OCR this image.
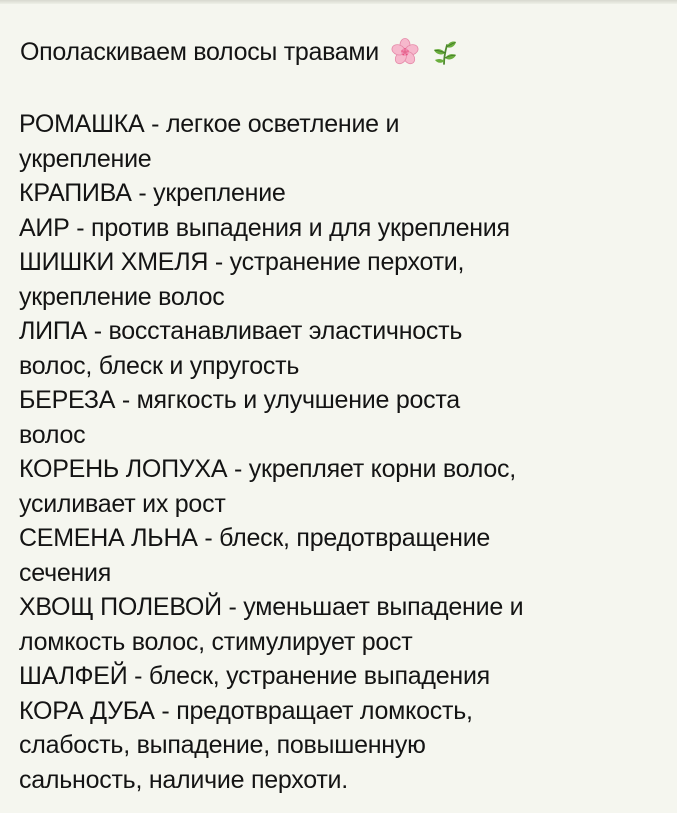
Ополаскиваем волосы травами
РОМАШКА - легкое осветление и
укрепление
КРАПИВА - укрепление
АИР - против выпадения и для укрепления
ШИШКИ ХМЕЛЯ - устранение перхоти,
укрепление волос
ЛИПА - восстанавливает эластичность
волос, блеск и упругость
БЕРЕЗА - мягкость и улучшение роста
волос
КОРЕНЬ ЛОПУХА - укрепляет корни волос,
усиливает их рост
СЕМЕНА ЛЬНА - блеск, предотвращение
сечения
ХВОЩ ПОЛЕВОЙ - уменьшает выпадение и
ломкость волос, стимулирует рост
ШАЛФЕЙ - блеск, устранение выпадения
КОРА ДУБА - предотвращает ломкость,
слабость, выпадение, повышенную
сальность, наличие перхоти.
